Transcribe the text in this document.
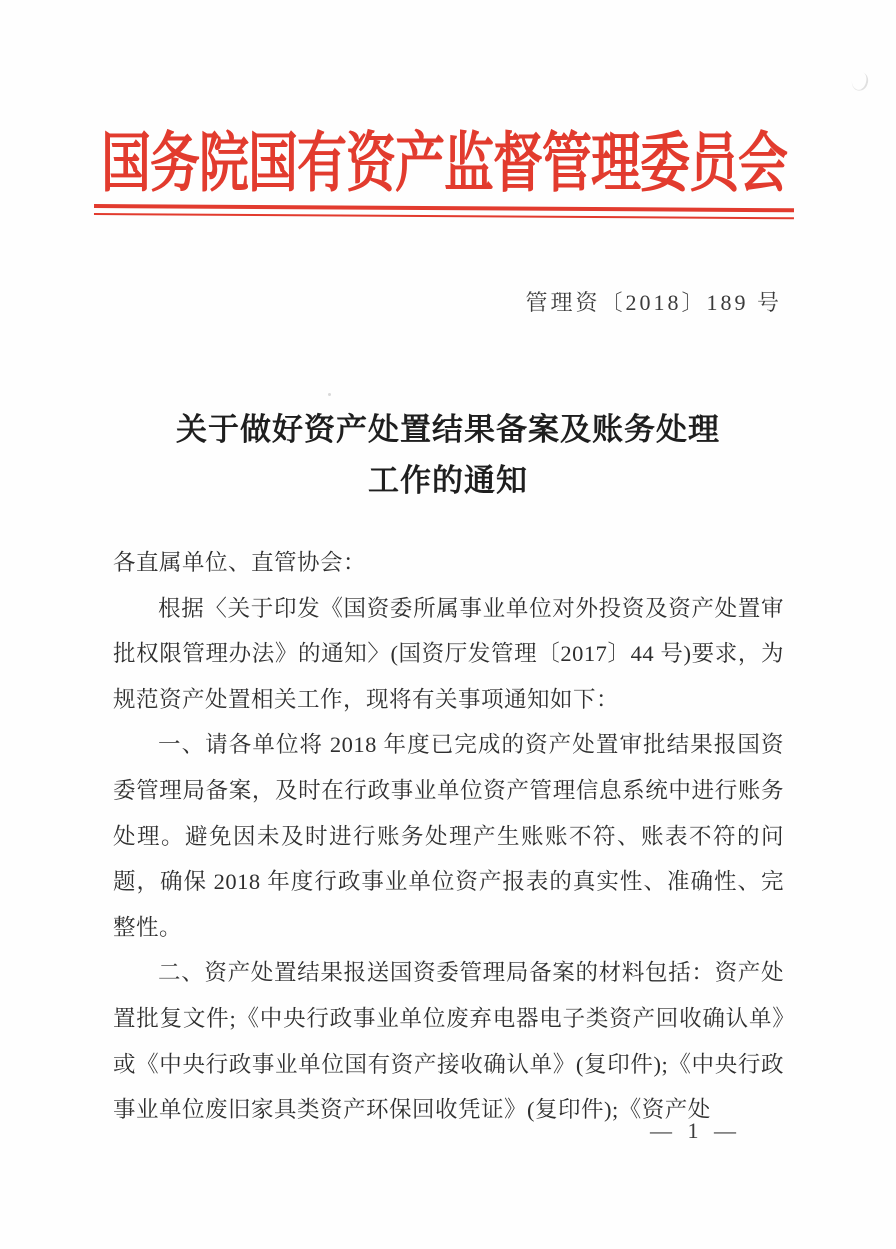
国务院国有资产监督管理委员会
管理资〔2018〕189 号
关于做好资产处置结果备案及账务处理
工作的通知

各直属单位、直管协会：

根据〈关于印发《国资委所属事业单位对外投资及资产处置审批权限管理办法》的通知〉(国资厅发管理〔2017〕44 号)要求，为规范资产处置相关工作，现将有关事项通知如下：

一、请各单位将 2018 年度已完成的资产处置审批结果报国资委管理局备案，及时在行政事业单位资产管理信息系统中进行账务处理。避免因未及时进行账务处理产生账账不符、账表不符的问题，确保 2018 年度行政事业单位资产报表的真实性、准确性、完整性。

二、资产处置结果报送国资委管理局备案的材料包括：资产处置批复文件;《中央行政事业单位废弃电器电子类资产回收确认单》或《中央行政事业单位国有资产接收确认单》(复印件);《中央行政事业单位废旧家具类资产环保回收凭证》(复印件);《资产处

— 1 —
